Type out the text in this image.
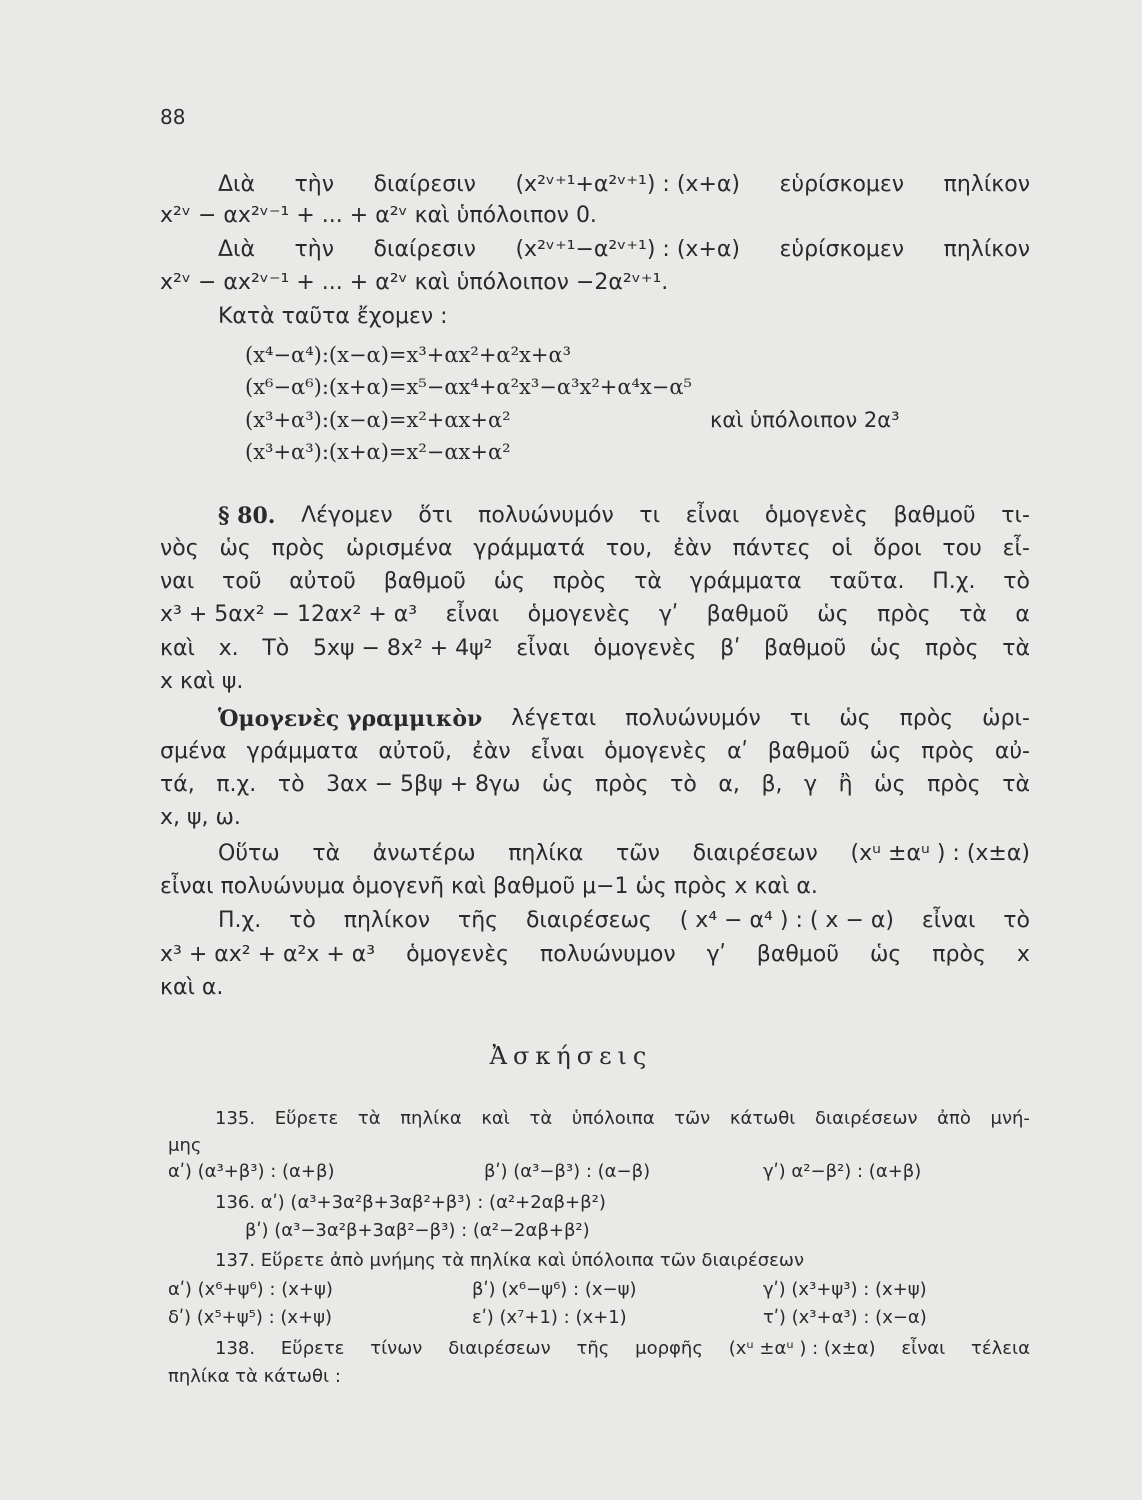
88
Διὰ τὴν διαίρεσιν (x²ᵛ⁺¹+α²ᵛ⁺¹) : (x+α) εὑρίσκομεν πηλίκον
x²ᵛ − αx²ᵛ⁻¹ + ... + α²ᵛ καὶ ὑπόλοιπον 0.
Διὰ τὴν διαίρεσιν (x²ᵛ⁺¹−α²ᵛ⁺¹) : (x+α) εὑρίσκομεν πηλίκον
x²ᵛ − αx²ᵛ⁻¹ + ... + α²ᵛ καὶ ὑπόλοιπον −2α²ᵛ⁺¹.
Κατὰ ταῦτα ἔχομεν :
(x⁴−α⁴):(x−α)=x³+αx²+α²x+α³
(x⁶−α⁶):(x+α)=x⁵−αx⁴+α²x³−α³x²+α⁴x−α⁵
(x³+α³):(x−α)=x²+αx+α²	καὶ ὑπόλοιπον 2α³
(x³+α³):(x+α)=x²−αx+α²
§ 80. Λέγομεν ὅτι πολυώνυμόν τι εἶναι ὁμογενὲς βαθμοῦ τι-
νὸς ὡς πρὸς ὡρισμένα γράμματά του, ἐὰν πάντες οἱ ὅροι του εἶ-
ναι τοῦ αὐτοῦ βαθμοῦ ὡς πρὸς τὰ γράμματα ταῦτα. Π.χ. τὸ
x³ + 5αx² − 12αx² + α³ εἶναι ὁμογενὲς γʹ βαθμοῦ ὡς πρὸς τὰ α
καὶ x. Τὸ 5xψ − 8x² + 4ψ² εἶναι ὁμογενὲς βʹ βαθμοῦ ὡς πρὸς τὰ
x καὶ ψ.
Ὁμογενὲς γραμμικὸν λέγεται πολυώνυμόν τι ὡς πρὸς ὡρι-
σμένα γράμματα αὐτοῦ, ἐὰν εἶναι ὁμογενὲς αʹ βαθμοῦ ὡς πρὸς αὐ-
τά, π.χ. τὸ 3αx − 5βψ + 8γω ὡς πρὸς τὸ α, β, γ ἢ ὡς πρὸς τὰ
x, ψ, ω.
Οὕτω τὰ ἀνωτέρω πηλίκα τῶν διαιρέσεων (xᵘ ±αᵘ ) : (x±α)
εἶναι πολυώνυμα ὁμογενῆ καὶ βαθμοῦ μ−1 ὡς πρὸς x καὶ α.
Π.χ. τὸ πηλίκον τῆς διαιρέσεως ( x⁴ − α⁴ ) : ( x − α) εἶναι τὸ
x³ + αx² + α²x + α³ ὁμογενὲς πολυώνυμον γʹ βαθμοῦ ὡς πρὸς x
καὶ α.
Ἀσκήσεις
135. Εὕρετε τὰ πηλίκα καὶ τὰ ὑπόλοιπα τῶν κάτωθι διαιρέσεων ἀπὸ μνή-
μης
αʹ) (α³+β³) : (α+β)	βʹ) (α³−β³) : (α−β)	γʹ) α²−β²) : (α+β)
136. αʹ) (α³+3α²β+3αβ²+β³) : (α²+2αβ+β²)
βʹ) (α³−3α²β+3αβ²−β³) : (α²−2αβ+β²)
137. Εὕρετε ἀπὸ μνήμης τὰ πηλίκα καὶ ὑπόλοιπα τῶν διαιρέσεων
αʹ) (x⁶+ψ⁶) : (x+ψ)	βʹ) (x⁶−ψ⁶) : (x−ψ)	γʹ) (x³+ψ³) : (x+ψ)
δʹ) (x⁵+ψ⁵) : (x+ψ)	εʹ) (x⁷+1) : (x+1)	τʹ) (x³+α³) : (x−α)
138. Εὕρετε τίνων διαιρέσεων τῆς μορφῆς (xᵘ ±αᵘ ) : (x±α) εἶναι τέλεια
πηλίκα τὰ κάτωθι :
